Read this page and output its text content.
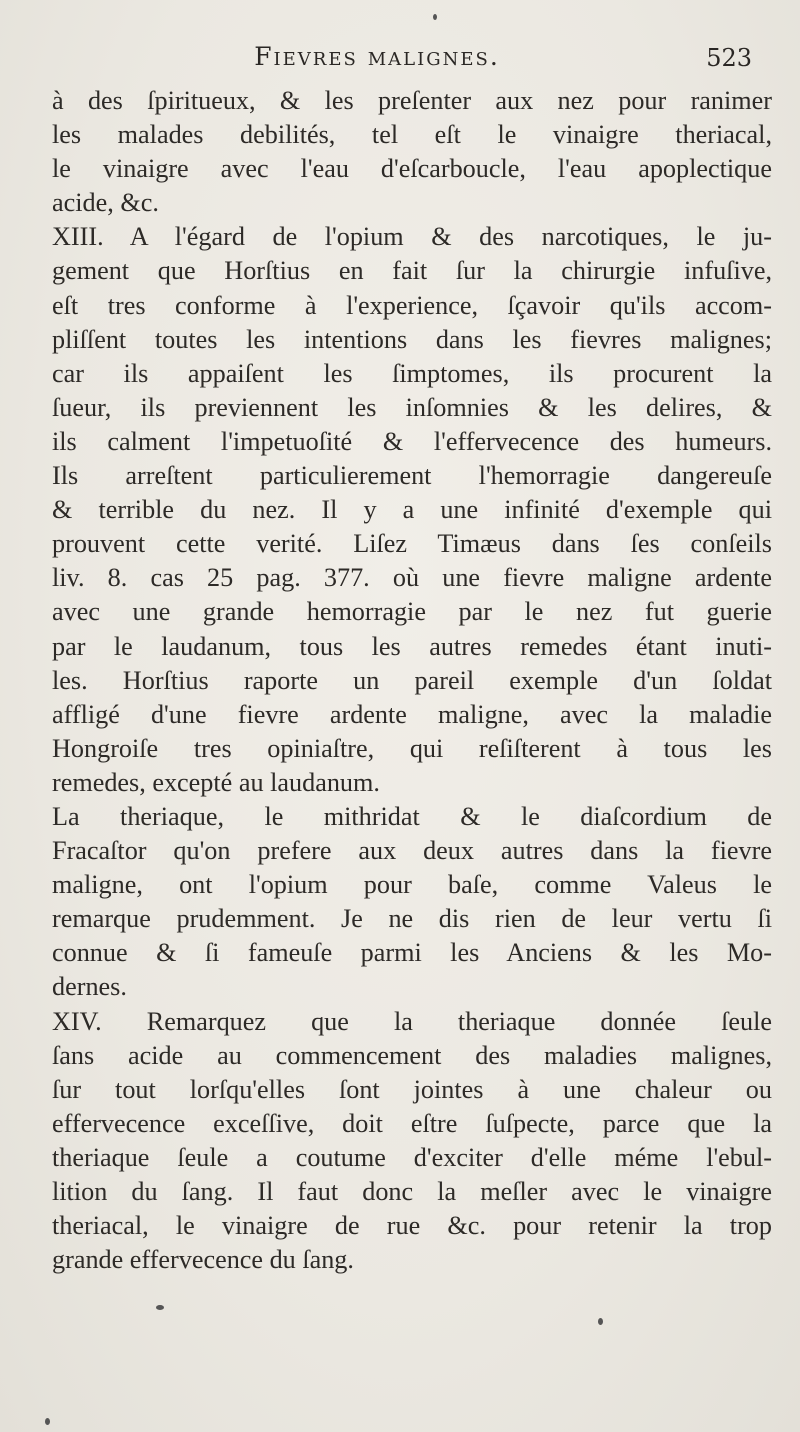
Fievres malignes.	523
à des ſpiritueux, & les preſenter aux nez pour ranimer
les malades debilités, tel eſt le vinaigre theriacal,
le vinaigre avec l'eau d'eſcarboucle, l'eau apoplectique
acide, &c.
XIII. A l'égard de l'opium & des narcotiques, le ju-
gement que Horſtius en fait ſur la chirurgie infuſive,
eſt tres conforme à l'experience, ſçavoir qu'ils accom-
pliſſent toutes les intentions dans les fievres malignes;
car ils appaiſent les ſimptomes, ils procurent la
ſueur, ils previennent les inſomnies & les delires, &
ils calment l'impetuoſité & l'effervecence des humeurs.
Ils arreſtent particulierement l'hemorragie dangereuſe
& terrible du nez. Il y a une infinité d'exemple qui
prouvent cette verité. Liſez Timæus dans ſes conſeils
liv. 8. cas 25 pag. 377. où une fievre maligne ardente
avec une grande hemorragie par le nez fut guerie
par le laudanum, tous les autres remedes étant inuti-
les. Horſtius raporte un pareil exemple d'un ſoldat
affligé d'une fievre ardente maligne, avec la maladie
Hongroiſe tres opiniaſtre, qui reſiſterent à tous les
remedes, excepté au laudanum.
La theriaque, le mithridat & le diaſcordium de
Fracaſtor qu'on prefere aux deux autres dans la fievre
maligne, ont l'opium pour baſe, comme Valeus le
remarque prudemment. Je ne dis rien de leur vertu ſi
connue & ſi fameuſe parmi les Anciens & les Mo-
dernes.
XIV. Remarquez que la theriaque donnée ſeule
ſans acide au commencement des maladies malignes,
ſur tout lorſqu'elles ſont jointes à une chaleur ou
effervecence exceſſive, doit eſtre ſuſpecte, parce que la
theriaque ſeule a coutume d'exciter d'elle méme l'ebul-
lition du ſang. Il faut donc la meſler avec le vinaigre
theriacal, le vinaigre de rue &c. pour retenir la trop
grande effervecence du ſang.
